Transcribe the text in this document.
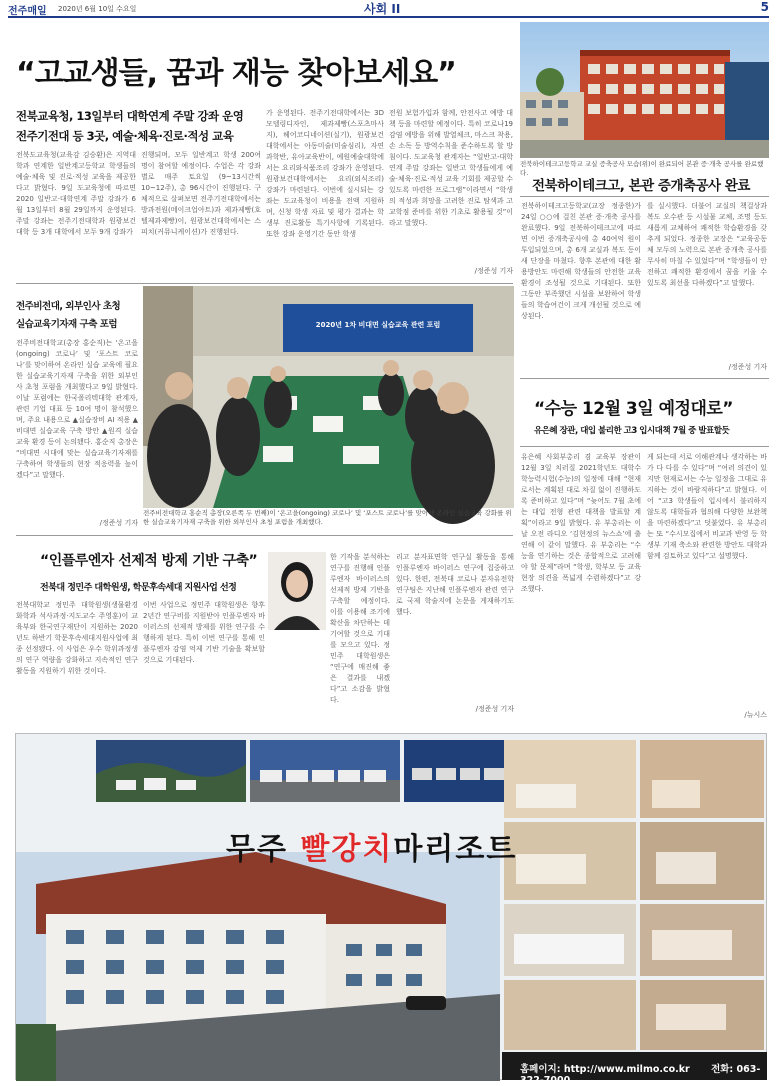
전주매일 2020년 6월 10일 수요일	사회 II	5
“고교생들, 꿈과 재능 찾아보세요”
전북교육청, 13일부터 대학연계 주말 강좌 운영
전주기전대 등 3곳, 예술·체육·진로·적성 교육
전북도교육청(교육감 김승환)은 지역대학과 연계한 일반계고등학교 학생들의 예술·체육 및 진로·적성 교육을 제공한다고 밝혔다. 9일 도교육청에 따르면 2020 일반고·대학연계 주말 강좌가 6월 13일부터 8월 29일까지 운영된다. 주말 강좌는 전주기전대학과 원광보건대학 등 3개 대학에서 모두 9개 강좌가
진행되며, 모두 일반계고 학생 200여 명이 참여할 예정이다. 수업은 각 강좌별로 매주 토요일 (9~13시간씩 10~12주), 총 96시간이 진행된다. 구체적으로 살펴보면 전주기전대학에서는 방과전원(메이크업아트)과 제과제빵(호텔제과제빵)이, 원광보건대학에서는 스피치(커뮤니케이션)가 진행된다.
가 운영된다. 전주기전대학에서는 3D모델링디자인, 제과제빵(스포츠마사지), 헤어코디네이션(실기), 원광보건대학에서는 아동미술(미술심리), 자연과학반, 유아교육반이, 예원예술대학에서는 요리와식품조리 강좌가 운영된다. 원광보건대학에서는 요리(외식조리) 강좌가 마련된다. 이번에 실시되는 강좌는 도교육청이 비용을 전액 지원하며, 신청 학생 자료 및 평가 결과는 학생부 진로활동 특기사항에 기록된다. 또한 강좌 운영기간 동안 학생
전원 보험가입과 함께, 안전사고 예방 대책 등을 마련할 예정이다. 특히 코로나19 감염 예방을 위해 발열체크, 마스크 착용, 손 소독 등 방역수칙을 준수하도록 할 방침이다. 도교육청 관계자는 “일반고-대학연계 주말 강좌는 일반고 학생들에게 예술·체육·진로·적성 교육 기회를 제공할 수 있도록 마련한 프로그램”이라면서 “학생의 적성과 희망을 고려한 진로 탐색과 고교학점 준비를 위한 기초로 활용될 것”이라고 말했다.
/정준성 기자
전북하이테크고등학교 교실 증축공사 모습(위)이 완료되어 본관 증·개축 공사를 완료했다.
전북하이테크고, 본관 증개축공사 완료
전북하이테크고등학교(교장 정종한)가 24일 ○○에 걸친 본관 증·개축 공사를 완료했다. 9일 전북하이테크고에 따르면 이번 증개축공사에 총 40여억 원이 투입되었으며, 총 6개 교실과 복도 등이 새 단장을 마쳤다. 향후 본관에 대한 활용방안도 마련해 학생들의 안전한 교육환경이 조성될 것으로 기대된다. 또한 그동안 부족했던 시설을 보완하여 학생들의 학습여건이 크게 개선될 것으로 예상된다.
를 실시했다. 더불어 교실의 책걸상과 복도 오수관 등 시설물 교체, 조명 등도 새롭게 교체하여 쾌적한 학습환경을 갖추게 되었다. 정종한 교장은 “교육공동체 모두의 노력으로 본관 증개축 공사를 무사히 마칠 수 있었다”며 “학생들이 안전하고 쾌적한 환경에서 꿈을 키울 수 있도록 최선을 다하겠다”고 말했다.
/정준성 기자
전주비전대, 외부인사 초청
실습교육기자재 구축 포럼
전주비전대학교(총장 홍순직)는 ‘온고을(ongoing) 코로나’ 및 ‘포스트 코로나’를 맞이하여 온라인 실습 교육에 필요한 실습교육기자재 구축을 위한 외부인사 초청 포럼을 개최했다고 9일 밝혔다. 이날 포럼에는 한국폴리텍대학 관계자, 관련 기업 대표 등 10여 명이 참석했으며, 주요 내용으로 ▲실습장비 AI 적용 ▲비대면 실습교육 구축 방안 ▲원격 실습 교육 환경 등이 논의됐다. 홍순직 총장은 “비대면 시대에 맞는 실습교육기자재를 구축하여 학생들의 현장 적응력을 높이겠다”고 말했다.
/정준성 기자
2020년 1차 비대면 실습교육 관련 포럼
전주비전대학교 홍순직 총장(오른쪽 두 번째)이 ‘온고을(ongoing) 코로나’ 및 ‘포스트 코로나’를 맞이해 온라인 실습교육 강화를 위한 실습교육기자재 구축을 위한 외부인사 초청 포럼을 개최했다.
“인플루엔자 선제적 방제 기반 구축”
전북대 정민주 대학원생, 학문후속세대 지원사업 선정
전북대학교 정민주 대학원생(생물환경화학과 석사과정·지도교수 주영훈)이 교육부와 한국연구재단이 지원하는 2020년도 하반기 학문후속세대지원사업에 최종 선정됐다. 이 사업은 우수 학위과정생의 연구 역량을 강화하고 지속적인 연구 활동을 지원하기 위한 것이다.
이번 사업으로 정민주 대학원생은 향후 2년간 연구비를 지원받아 인플루엔자 바이러스의 선제적 방제를 위한 연구를 수행하게 된다. 특히 이번 연구를 통해 인플루엔자 감염 억제 기반 기술을 확보할 것으로 기대된다.
한 기작을 분석하는 연구를 진행해 인플루엔자 바이러스의 선제적 방제 기반을 구축할 예정이다. 이를 이용해 조기에 확산을 차단하는 데 기여할 것으로 기대를 모으고 있다. 정민주 대학원생은 “연구에 매진해 좋은 결과를 내겠다”고 소감을 밝혔다.
리고 분자표면학 연구실 활동을 통해 인플루엔자 바이러스 연구에 집중하고 있다. 한편, 전북대 코로나 분자유전학 연구팀은 지난해 인플루엔자 관련 연구로 국제 학술지에 논문을 게재하기도 했다.
/정준성 기자
“수능 12월 3일 예정대로”
유은혜 장관, 대입 불리한 고3 입시대책 7월 중 발표할듯
유은혜 사회부총리 겸 교육부 장관이 12월 3일 치러질 2021학년도 대학수학능력시험(수능)의 일정에 대해 “현재로서는 계획된 대로 차질 없이 진행하도록 준비하고 있다”며 “늦어도 7월 초에는 대입 전형 관련 대책을 발표할 계획”이라고 9일 밝혔다. 유 부총리는 이날 오전 라디오 ‘김현정의 뉴스쇼’에 출연해 이 같이 말했다. 유 부총리는 “수능을 연기하는 것은 종합적으로 고려해야 할 문제”라며 “학생, 학부모 등 교육 현장 의견을 폭넓게 수렴하겠다”고 강조했다.
게 되는데 서로 이해관계나 생각하는 바가 다 다를 수 있다”며 “여러 의견이 있지만 현재로서는 수능 일정을 그대로 유지하는 것이 바람직하다”고 밝혔다. 이어 “고3 학생들이 입시에서 불리하지 않도록 대학들과 협의해 다양한 보완책을 마련하겠다”고 덧붙였다. 유 부총리는 또 “수시모집에서 비교과 반영 등 학생부 기재 축소와 관련한 방안도 대학과 함께 검토하고 있다”고 설명했다.
/뉴시스
무주 빨강치마리조트
홈페이지: http://www.milmo.co.kr 전화: 063-322-7000
